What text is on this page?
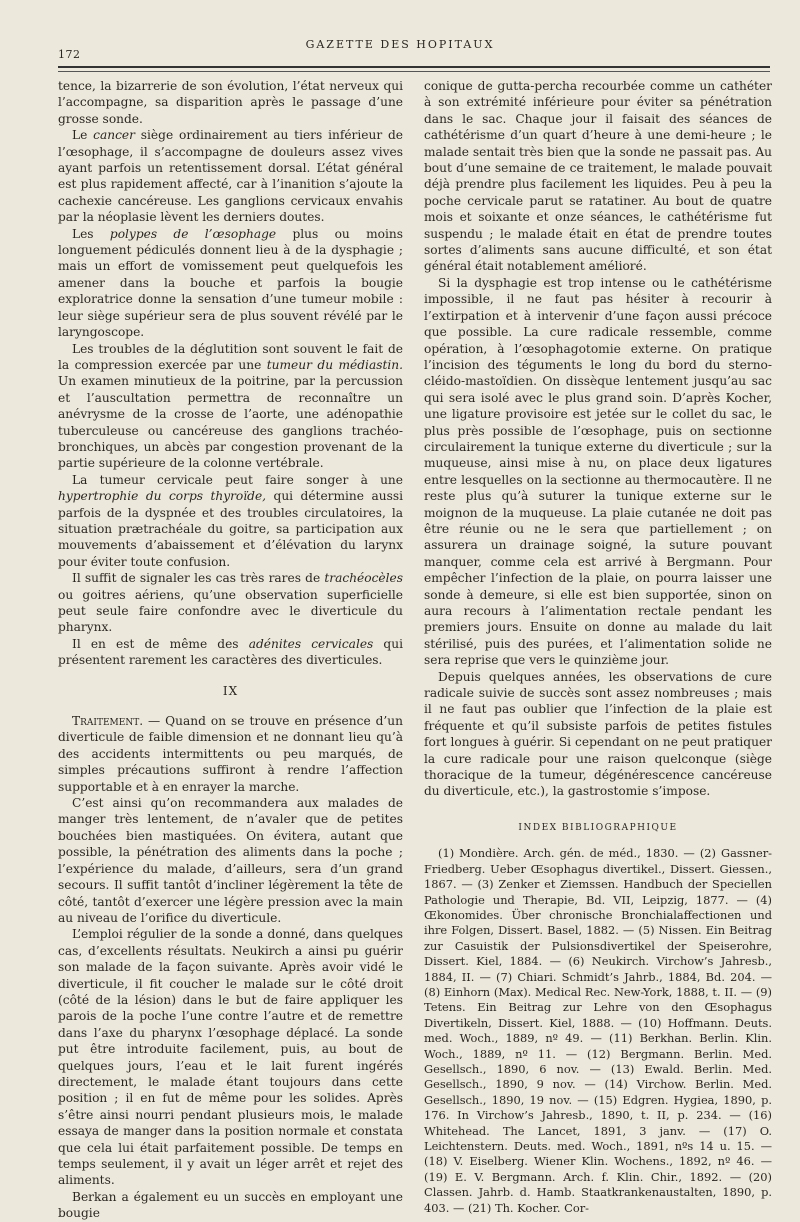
172
GAZETTE DES HOPITAUX

tence, la bizarrerie de son évolution, l’état nerveux qui l’accompagne, sa disparition après le passage d’une grosse sonde.

Le cancer siège ordinairement au tiers inférieur de l’œsophage, il s’accompagne de douleurs assez vives ayant parfois un retentissement dorsal. L’état général est plus rapidement affecté, car à l’inanition s’ajoute la cachexie cancéreuse. Les ganglions cervicaux envahis par la néoplasie lèvent les derniers doutes.

Les polypes de l’œsophage plus ou moins longuement pédiculés donnent lieu à de la dysphagie ; mais un effort de vomissement peut quelquefois les amener dans la bouche et parfois la bougie exploratrice donne la sensation d’une tumeur mobile : leur siège supérieur sera de plus souvent révélé par le laryngoscope.

Les troubles de la déglutition sont souvent le fait de la compression exercée par une tumeur du médiastin. Un examen minutieux de la poitrine, par la percussion et l’auscultation permettra de reconnaître un anévrysme de la crosse de l’aorte, une adénopathie tuberculeuse ou cancéreuse des ganglions trachéo-bronchiques, un abcès par congestion provenant de la partie supérieure de la colonne vertébrale.

La tumeur cervicale peut faire songer à une hypertrophie du corps thyroïde, qui détermine aussi parfois de la dyspnée et des troubles circulatoires, la situation prætrachéale du goitre, sa participation aux mouvements d’abaissement et d’élévation du larynx pour éviter toute confusion.

Il suffit de signaler les cas très rares de trachéocèles ou goitres aériens, qu’une observation superficielle peut seule faire confondre avec le diverticule du pharynx.

Il en est de même des adénites cervicales qui présentent rarement les caractères des diverticules.

IX

Traitement. — Quand on se trouve en présence d’un diverticule de faible dimension et ne donnant lieu qu’à des accidents intermittents ou peu marqués, de simples précautions suffiront à rendre l’affection supportable et à en enrayer la marche.

C’est ainsi qu’on recommandera aux malades de manger très lentement, de n’avaler que de petites bouchées bien mastiquées. On évitera, autant que possible, la pénétration des aliments dans la poche ; l’expérience du malade, d’ailleurs, sera d’un grand secours. Il suffit tantôt d’incliner légèrement la tête de côté, tantôt d’exercer une légère pression avec la main au niveau de l’orifice du diverticule.

L’emploi régulier de la sonde a donné, dans quelques cas, d’excellents résultats. Neukirch a ainsi pu guérir son malade de la façon suivante. Après avoir vidé le diverticule, il fit coucher le malade sur le côté droit (côté de la lésion) dans le but de faire appliquer les parois de la poche l’une contre l’autre et de remettre dans l’axe du pharynx l’œsophage déplacé. La sonde put être introduite facilement, puis, au bout de quelques jours, l’eau et le lait furent ingérés directement, le malade étant toujours dans cette position ; il en fut de même pour les solides. Après s’être ainsi nourri pendant plusieurs mois, le malade essaya de manger dans la position normale et constata que cela lui était parfaitement possible. De temps en temps seulement, il y avait un léger arrêt et rejet des aliments.

Berkan a également eu un succès en employant une bougie

conique de gutta-percha recourbée comme un cathéter à son extrémité inférieure pour éviter sa pénétration dans le sac. Chaque jour il faisait des séances de cathétérisme d’un quart d’heure à une demi-heure ; le malade sentait très bien que la sonde ne passait pas. Au bout d’une semaine de ce traitement, le malade pouvait déjà prendre plus facilement les liquides. Peu à peu la poche cervicale parut se ratatiner. Au bout de quatre mois et soixante et onze séances, le cathétérisme fut suspendu ; le malade était en état de prendre toutes sortes d’aliments sans aucune difficulté, et son état général était notablement amélioré.

Si la dysphagie est trop intense ou le cathétérisme impossible, il ne faut pas hésiter à recourir à l’extirpation et à intervenir d’une façon aussi précoce que possible. La cure radicale ressemble, comme opération, à l’œsophagotomie externe. On pratique l’incision des téguments le long du bord du sterno-cléido-mastoïdien. On dissèque lentement jusqu’au sac qui sera isolé avec le plus grand soin. D’après Kocher, une ligature provisoire est jetée sur le collet du sac, le plus près possible de l’œsophage, puis on sectionne circulairement la tunique externe du diverticule ; sur la muqueuse, ainsi mise à nu, on place deux ligatures entre lesquelles on la sectionne au thermocautère. Il ne reste plus qu’à suturer la tunique externe sur le moignon de la muqueuse. La plaie cutanée ne doit pas être réunie ou ne le sera que partiellement ; on assurera un drainage soigné, la suture pouvant manquer, comme cela est arrivé à Bergmann. Pour empêcher l’infection de la plaie, on pourra laisser une sonde à demeure, si elle est bien supportée, sinon on aura recours à l’alimentation rectale pendant les premiers jours. Ensuite on donne au malade du lait stérilisé, puis des purées, et l’alimentation solide ne sera reprise que vers le quinzième jour.

Depuis quelques années, les observations de cure radicale suivie de succès sont assez nombreuses ; mais il ne faut pas oublier que l’infection de la plaie est fréquente et qu’il subsiste parfois de petites fistules fort longues à guérir. Si cependant on ne peut pratiquer la cure radicale pour une raison quelconque (siège thoracique de la tumeur, dégénérescence cancéreuse du diverticule, etc.), la gastrostomie s’impose.

INDEX BIBLIOGRAPHIQUE

(1) Mondière. Arch. gén. de méd., 1830. — (2) Gassner-Friedberg. Ueber Œsophagus divertikel., Dissert. Giessen., 1867. — (3) Zenker et Ziemssen. Handbuch der Speciellen Pathologie und Therapie, Bd. VII, Leipzig, 1877. — (4) Œkonomides. Über chronische Bronchialaffectionen und ihre Folgen, Dissert. Basel, 1882. — (5) Nissen. Ein Beitrag zur Casuistik der Pulsionsdivertikel der Speiserohre, Dissert. Kiel, 1884. — (6) Neukirch. Virchow’s Jahresb., 1884, II. — (7) Chiari. Schmidt’s Jahrb., 1884, Bd. 204. — (8) Einhorn (Max). Medical Rec. New-York, 1888, t. II. — (9) Tetens. Ein Beitrag zur Lehre von den Œsophagus Divertikeln, Dissert. Kiel, 1888. — (10) Hoffmann. Deuts. med. Woch., 1889, nº 49. — (11) Berkhan. Berlin. Klin. Woch., 1889, nº 11. — (12) Bergmann. Berlin. Med. Gesellsch., 1890, 6 nov. — (13) Ewald. Berlin. Med. Gesellsch., 1890, 9 nov. — (14) Virchow. Berlin. Med. Gesellsch., 1890, 19 nov. — (15) Edgren. Hygiea, 1890, p. 176. In Virchow’s Jahresb., 1890, t. II, p. 234. — (16) Whitehead. The Lancet, 1891, 3 janv. — (17) O. Leichtenstern. Deuts. med. Woch., 1891, nºs 14 u. 15. — (18) V. Eiselberg. Wiener Klin. Wochens., 1892, nº 46. — (19) E. V. Bergmann. Arch. f. Klin. Chir., 1892. — (20) Classen. Jahrb. d. Hamb. Staatkrankenaustalten, 1890, p. 403. — (21) Th. Kocher. Cor-
